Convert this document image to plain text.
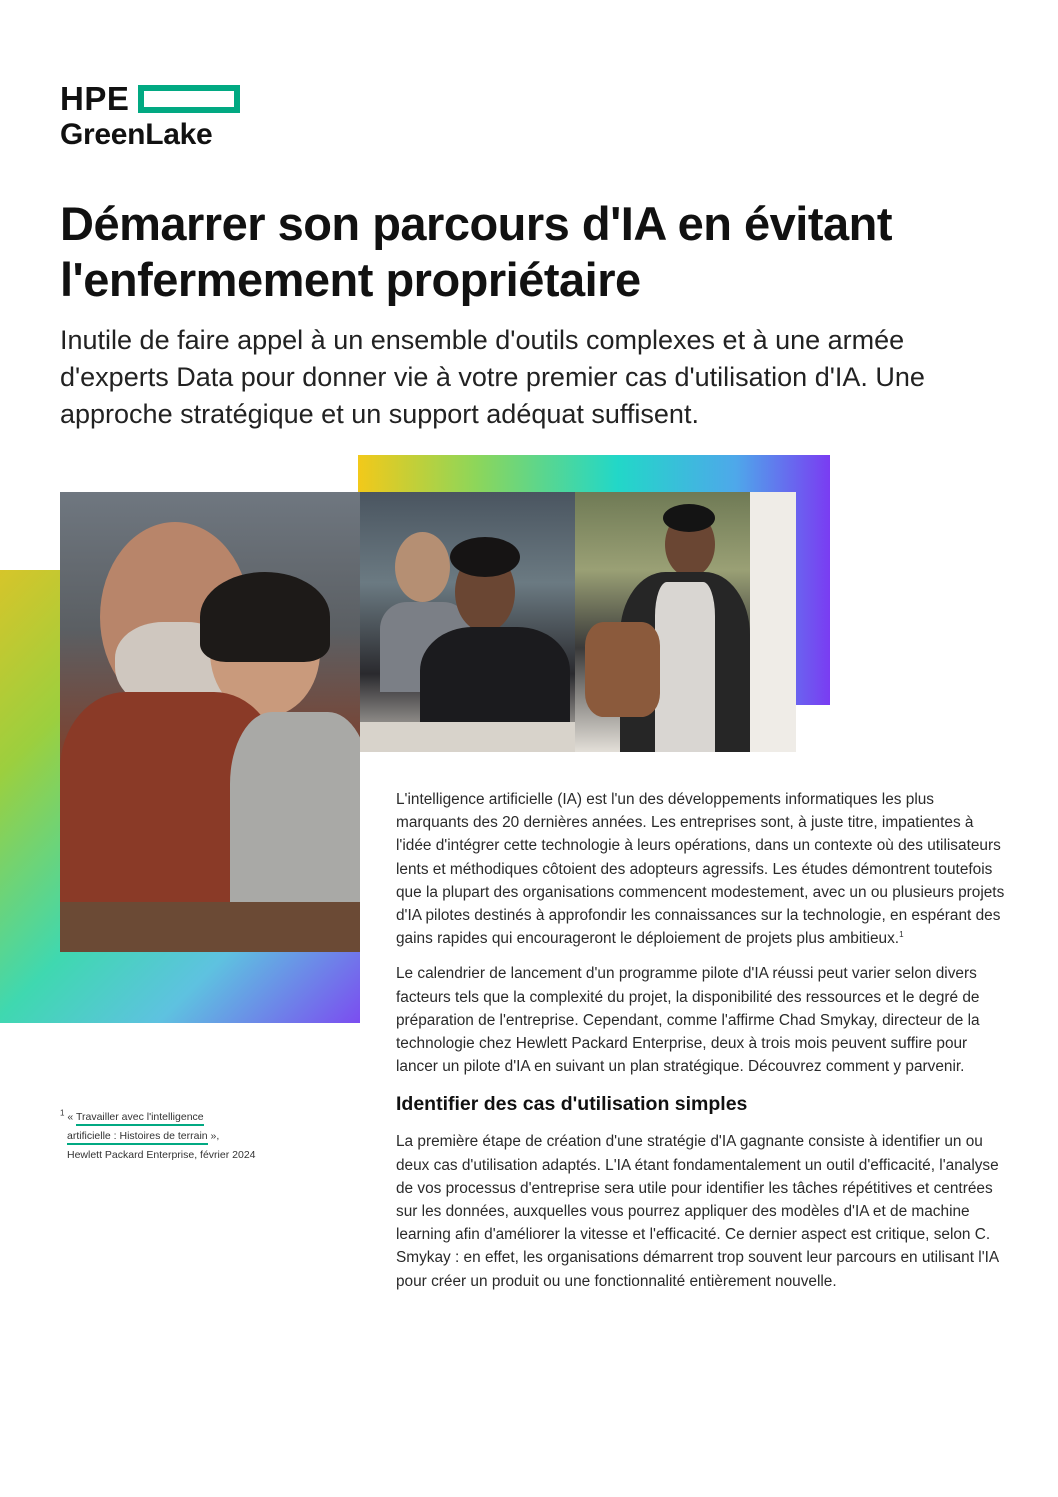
HPE
GreenLake
Démarrer son parcours d'IA en évitant l'enfermement propriétaire

Inutile de faire appel à un ensemble d'outils complexes et à une armée d'experts Data pour donner vie à votre premier cas d'utilisation d'IA. Une approche stratégique et un support adéquat suffisent.

L'intelligence artificielle (IA) est l'un des développements informatiques les plus marquants des 20 dernières années. Les entreprises sont, à juste titre, impatientes à l'idée d'intégrer cette technologie à leurs opérations, dans un contexte où des utilisateurs lents et méthodiques côtoient des adopteurs agressifs. Les études démontrent toutefois que la plupart des organisations commencent modestement, avec un ou plusieurs projets d'IA pilotes destinés à approfondir les connaissances sur la technologie, en espérant des gains rapides qui encourageront le déploiement de projets plus ambitieux.$^1$

Le calendrier de lancement d'un programme pilote d'IA réussi peut varier selon divers facteurs tels que la complexité du projet, la disponibilité des ressources et le degré de préparation de l'entreprise. Cependant, comme l'affirme Chad Smykay, directeur de la technologie chez Hewlett Packard Enterprise, deux à trois mois peuvent suffire pour lancer un pilote d'IA en suivant un plan stratégique. Découvrez comment y parvenir.

Identifier des cas d'utilisation simples

La première étape de création d'une stratégie d'IA gagnante consiste à identifier un ou deux cas d'utilisation adaptés. L'IA étant fondamentalement un outil d'efficacité, l'analyse de vos processus d'entreprise sera utile pour identifier les tâches répétitives et centrées sur les données, auxquelles vous pourrez appliquer des modèles d'IA et de machine learning afin d'améliorer la vitesse et l'efficacité. Ce dernier aspect est critique, selon C. Smykay : en effet, les organisations démarrent trop souvent leur parcours en utilisant l'IA pour créer un produit ou une fonctionnalité entièrement nouvelle.

$^1$ « Travailler avec l'intelligence
artificielle : Histoires de terrain »,
Hewlett Packard Enterprise, février 2024
